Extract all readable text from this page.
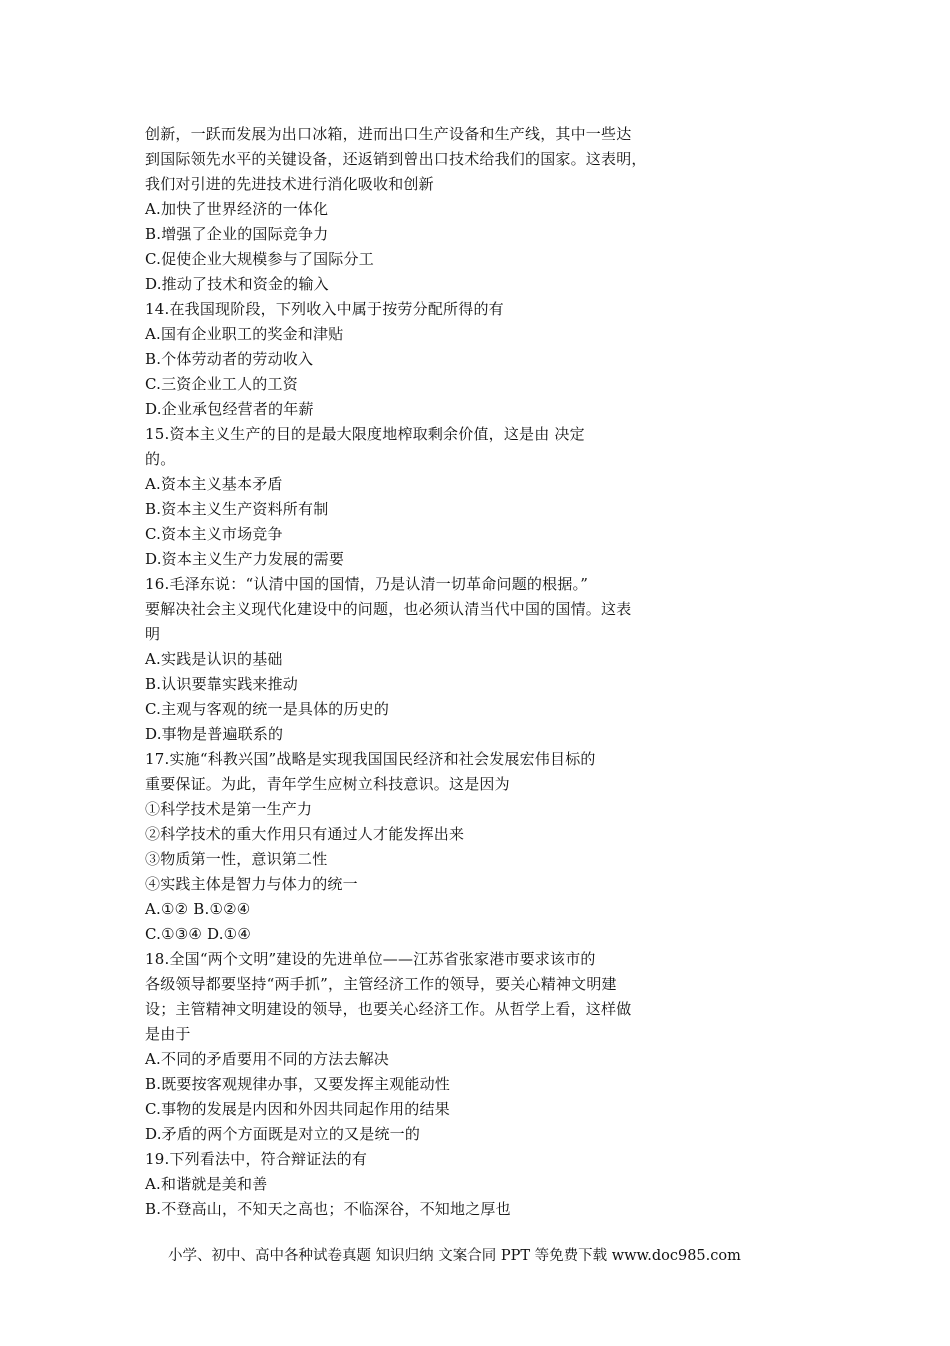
创新，一跃而发展为出口冰箱，进而出口生产设备和生产线，其中一些达
到国际领先水平的关键设备，还返销到曾出口技术给我们的国家。这表明，
我们对引进的先进技术进行消化吸收和创新
A.加快了世界经济的一体化
B.增强了企业的国际竞争力
C.促使企业大规模参与了国际分工
D.推动了技术和资金的输入
14.在我国现阶段，下列收入中属于按劳分配所得的有
A.国有企业职工的奖金和津贴
B.个体劳动者的劳动收入
C.三资企业工人的工资
D.企业承包经营者的年薪
15.资本主义生产的目的是最大限度地榨取剩余价值，这是由 决定
的。
A.资本主义基本矛盾
B.资本主义生产资料所有制
C.资本主义市场竞争
D.资本主义生产力发展的需要
16.毛泽东说：“认清中国的国情，乃是认清一切革命问题的根据。”
要解决社会主义现代化建设中的问题，也必须认清当代中国的国情。这表
明
A.实践是认识的基础
B.认识要靠实践来推动
C.主观与客观的统一是具体的历史的
D.事物是普遍联系的
17.实施“科教兴国”战略是实现我国国民经济和社会发展宏伟目标的
重要保证。为此，青年学生应树立科技意识。这是因为
①科学技术是第一生产力
②科学技术的重大作用只有通过人才能发挥出来
③物质第一性，意识第二性
④实践主体是智力与体力的统一
A.①② B.①②④
C.①③④ D.①④
18.全国“两个文明”建设的先进单位——江苏省张家港市要求该市的
各级领导都要坚持“两手抓”，主管经济工作的领导，要关心精神文明建
设；主管精神文明建设的领导，也要关心经济工作。从哲学上看，这样做
是由于
A.不同的矛盾要用不同的方法去解决
B.既要按客观规律办事，又要发挥主观能动性
C.事物的发展是内因和外因共同起作用的结果
D.矛盾的两个方面既是对立的又是统一的
19.下列看法中，符合辩证法的有
A.和谐就是美和善
B.不登高山，不知天之高也；不临深谷，不知地之厚也
小学、初中、高中各种试卷真题 知识归纳 文案合同 PPT 等免费下载 www.doc985.com
